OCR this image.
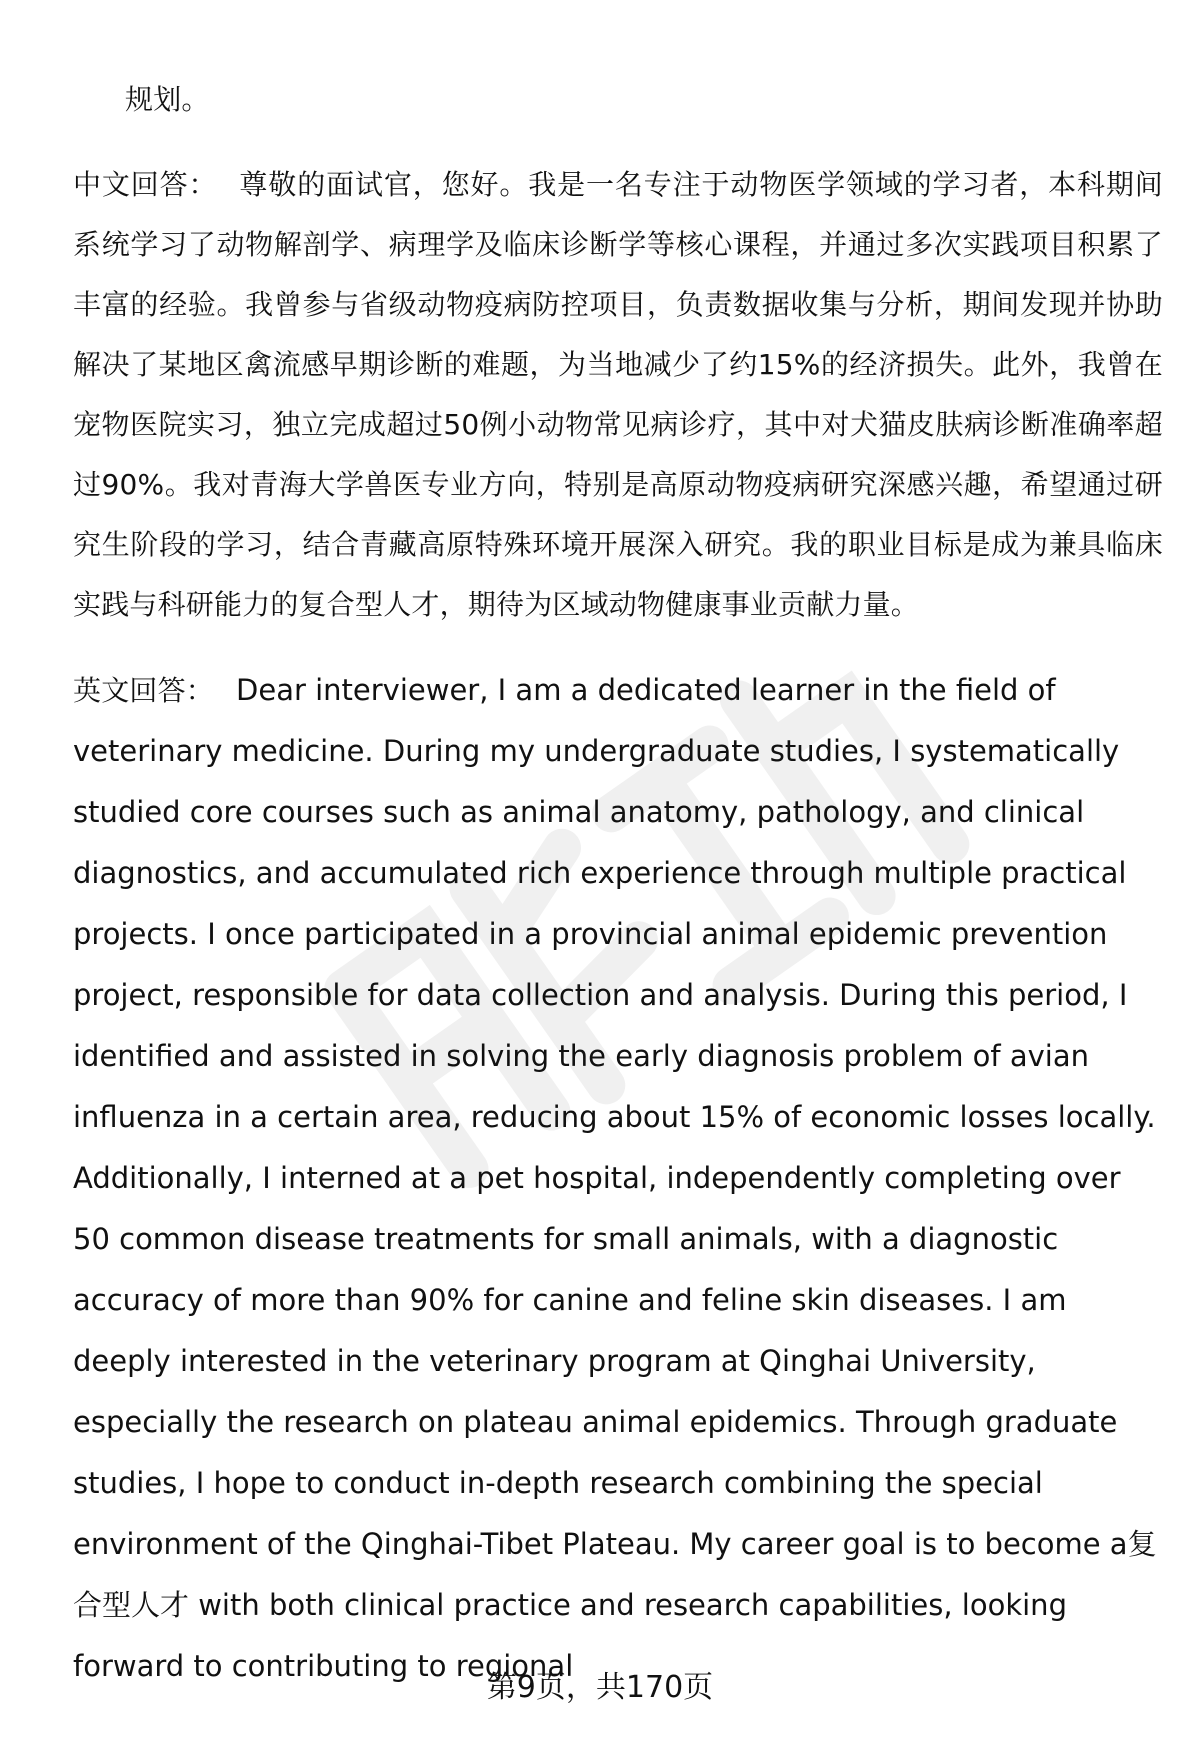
规划。

中文回答： 尊敬的面试官，您好。我是一名专注于动物医学领域的学习者，本科期间系统学习了动物解剖学、病理学及临床诊断学等核心课程，并通过多次实践项目积累了丰富的经验。我曾参与省级动物疫病防控项目，负责数据收集与分析，期间发现并协助解决了某地区禽流感早期诊断的难题，为当地减少了约15%的经济损失。此外，我曾在宠物医院实习，独立完成超过50例小动物常见病诊疗，其中对犬猫皮肤病诊断准确率超过90%。我对青海大学兽医专业方向，特别是高原动物疫病研究深感兴趣，希望通过研究生阶段的学习，结合青藏高原特殊环境开展深入研究。我的职业目标是成为兼具临床实践与科研能力的复合型人才，期待为区域动物健康事业贡献力量。

英文回答： Dear interviewer, I am a dedicated learner in the field of veterinary medicine. During my undergraduate studies, I systematically studied core courses such as animal anatomy, pathology, and clinical diagnostics, and accumulated rich experience through multiple practical projects. I once participated in a provincial animal epidemic prevention project, responsible for data collection and analysis. During this period, I identified and assisted in solving the early diagnosis problem of avian influenza in a certain area, reducing about 15% of economic losses locally. Additionally, I interned at a pet hospital, independently completing over 50 common disease treatments for small animals, with a diagnostic accuracy of more than 90% for canine and feline skin diseases. I am deeply interested in the veterinary program at Qinghai University, especially the research on plateau animal epidemics. Through graduate studies, I hope to conduct in-depth research combining the special environment of the Qinghai-Tibet Plateau. My career goal is to become a复合型人才 with both clinical practice and research capabilities, looking forward to contributing to regional

第9页，共170页
